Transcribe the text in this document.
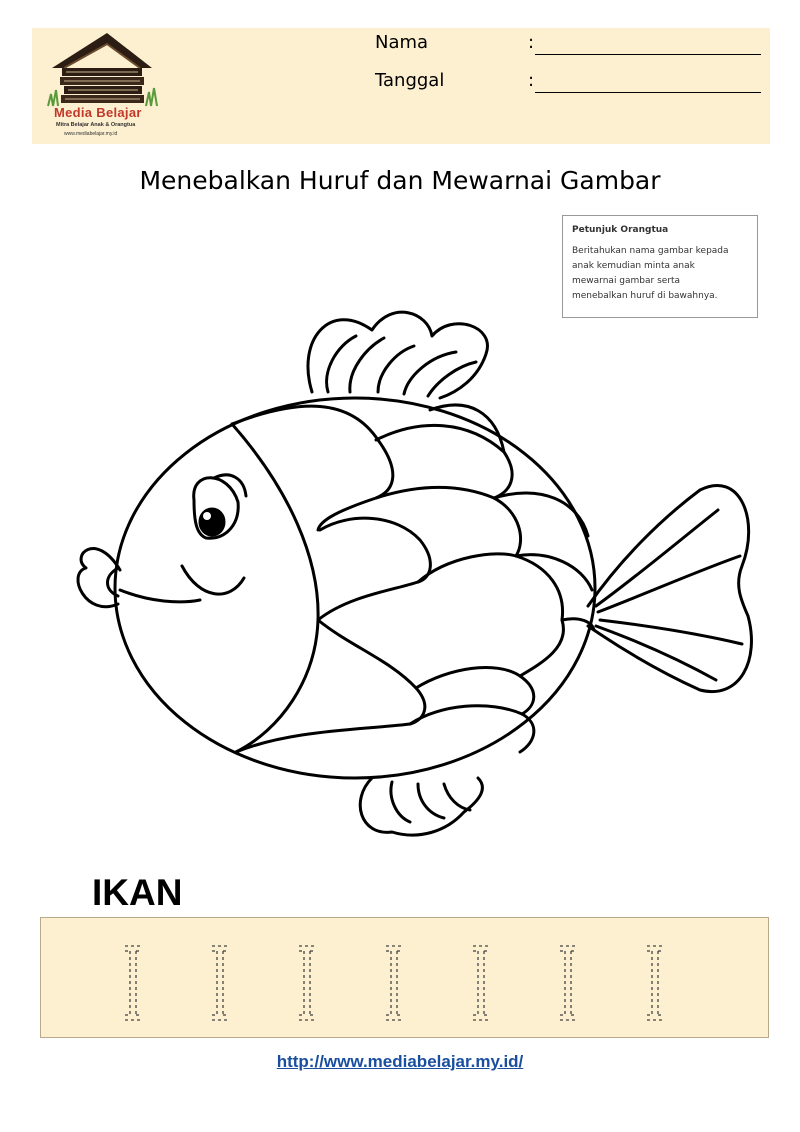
Media Belajar
Mitra Belajar Anak & Orangtua
www.mediabelajar.my.id
Nama	:
Tanggal	:
Menebalkan Huruf dan Mewarnai Gambar
Petunjuk Orangtua
Beritahukan nama gambar kepada
anak kemudian minta anak
mewarnai gambar serta
menebalkan huruf di bawahnya.
IKAN
http://www.mediabelajar.my.id/
